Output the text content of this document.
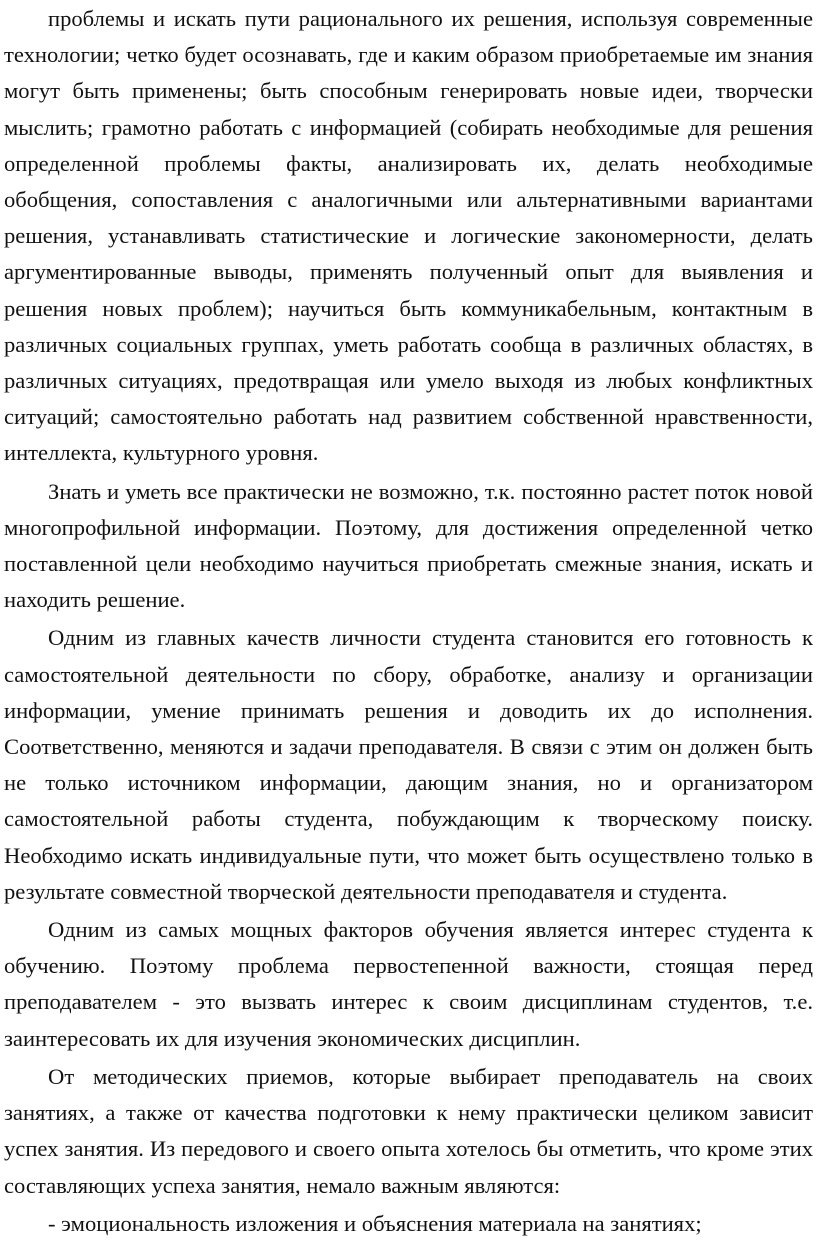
проблемы и искать пути рационального их решения, используя современные технологии; четко будет осознавать, где и каким образом приобретаемые им знания могут быть применены; быть способным генерировать новые идеи, творчески мыслить; грамотно работать с информацией (собирать необходимые для решения определенной проблемы факты, анализировать их, делать необходимые обобщения, сопоставления с аналогичными или альтернативными вариантами решения, устанавливать статистические и логические закономерности, делать аргументированные выводы, применять полученный опыт для выявления и решения новых проблем); научиться быть коммуникабельным, контактным в различных социальных группах, уметь работать сообща в различных областях, в различных ситуациях, предотвращая или умело выходя из любых конфликтных ситуаций; самостоятельно работать над развитием собственной нравственности, интеллекта, культурного уровня.

Знать и уметь все практически не возможно, т.к. постоянно растет поток новой многопрофильной информации. Поэтому, для достижения определенной четко поставленной цели необходимо научиться приобретать смежные знания, искать и находить решение.

Одним из главных качеств личности студента становится его готовность к самостоятельной деятельности по сбору, обработке, анализу и организации информации, умение принимать решения и доводить их до исполнения. Соответственно, меняются и задачи преподавателя. В связи с этим он должен быть не только источником информации, дающим знания, но и организатором самостоятельной работы студента, побуждающим к творческому поиску. Необходимо искать индивидуальные пути, что может быть осуществлено только в результате совместной творческой деятельности преподавателя и студента.

Одним из самых мощных факторов обучения является интерес студента к обучению. Поэтому проблема первостепенной важности, стоящая перед преподавателем - это вызвать интерес к своим дисциплинам студентов, т.е. заинтересовать их для изучения экономических дисциплин.

От методических приемов, которые выбирает преподаватель на своих занятиях, а также от качества подготовки к нему практически целиком зависит успех занятия. Из передового и своего опыта хотелось бы отметить, что кроме этих составляющих успеха занятия, немало важным являются:

- эмоциональность изложения и объяснения материала на занятиях;
